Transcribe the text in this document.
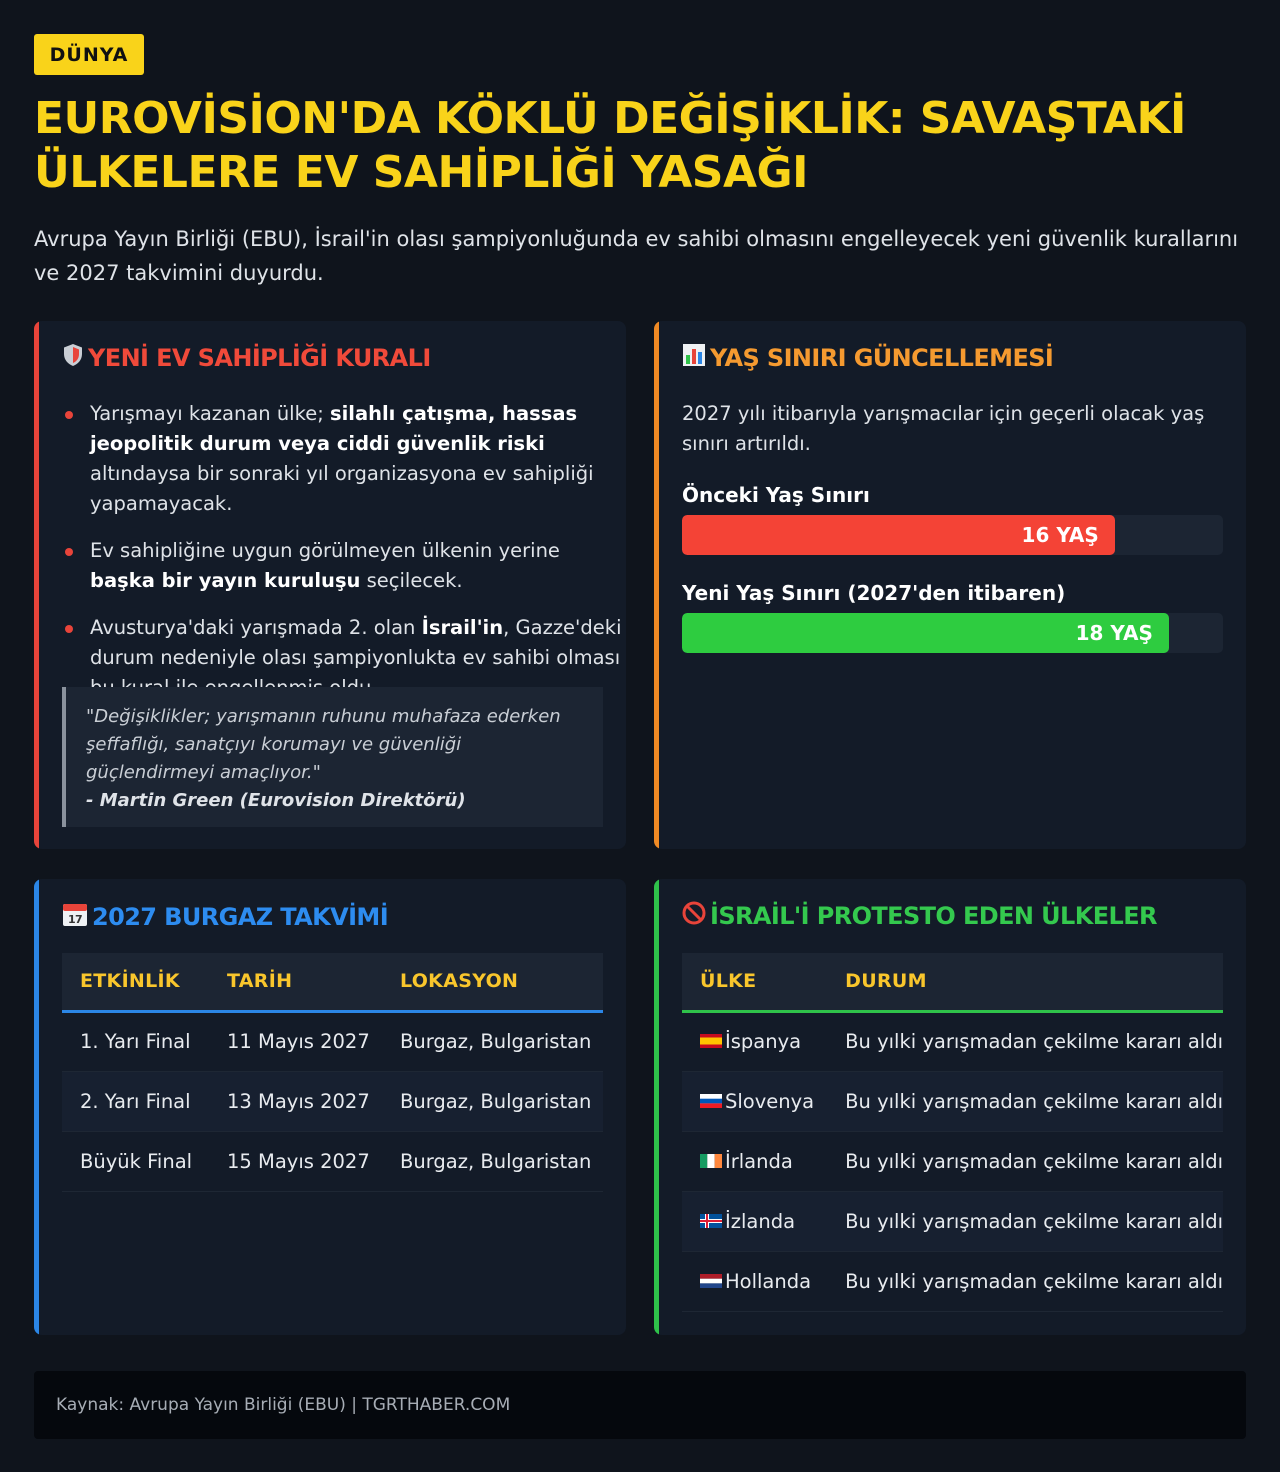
DÜNYA
EUROVİSİON'DA KÖKLÜ DEĞİŞİKLİK: SAVAŞTAKİ ÜLKELERE EV SAHİPLİĞİ YASAĞI

Avrupa Yayın Birliği (EBU), İsrail'in olası şampiyonluğunda ev sahibi olmasını engelleyecek yeni güvenlik kurallarını ve 2027 takvimini duyurdu.

YENİ EV SAHİPLİĞİ KURALI
Yarışmayı kazanan ülke; silahlı çatışma, hassas jeopolitik durum veya ciddi güvenlik riski altındaysa bir sonraki yıl organizasyona ev sahipliği yapamayacak.
Ev sahipliğine uygun görülmeyen ülkenin yerine başka bir yayın kuruluşu seçilecek.
Avusturya'daki yarışmada 2. olan İsrail'in, Gazze'deki durum nedeniyle olası şampiyonlukta ev sahibi olması
"Değişiklikler; yarışmanın ruhunu muhafaza ederken şeffaflığı, sanatçıyı korumayı ve güvenliği güçlendirmeyi amaçlıyor."
- Martin Green (Eurovision Direktörü)
YAŞ SINIRI GÜNCELLEMESİ

2027 yılı itibarıyla yarışmacılar için geçerli olacak yaş sınırı artırıldı.

Önceki Yaş Sınırı
16 YAŞ
Yeni Yaş Sınırı (2027'den itibaren)
18 YAŞ
17 2027 BURGAZ TAKVİMİ
ETKİNLİK	TARİH	LOKASYON
1. Yarı Final	11 Mayıs 2027	Burgaz, Bulgaristan
2. Yarı Final	13 Mayıs 2027	Burgaz, Bulgaristan
Büyük Final	15 Mayıs 2027	Burgaz, Bulgaristan
İSRAİL'İ PROTESTO EDEN ÜLKELER
ÜLKE	DURUM
İspanya	Bu yılki yarışmadan çekilme kararı aldı
Slovenya	Bu yılki yarışmadan çekilme kararı aldı
İrlanda	Bu yılki yarışmadan çekilme kararı aldı
İzlanda	Bu yılki yarışmadan çekilme kararı aldı
Hollanda	Bu yılki yarışmadan çekilme kararı aldı
Kaynak: Avrupa Yayın Birliği (EBU) | TGRTHABER.COM
